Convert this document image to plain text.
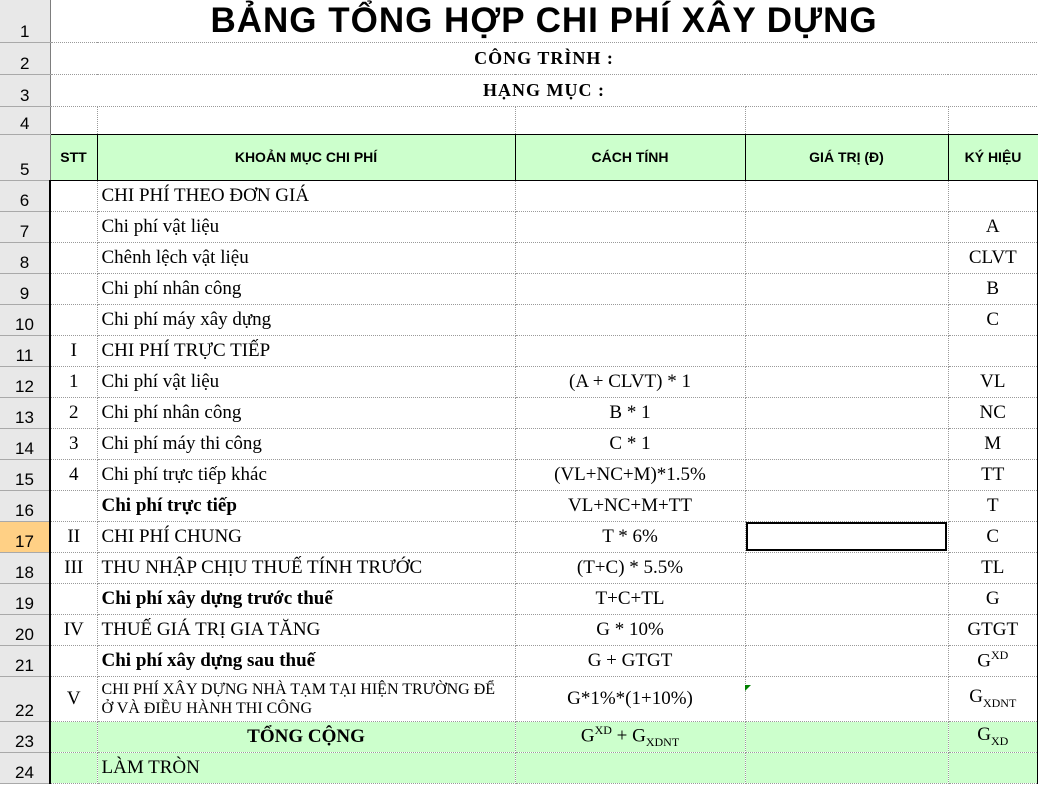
1	BẢNG TỔNG HỢP CHI PHÍ XÂY DỰNG				
2	CÔNG TRÌNH :				
3	HẠNG MỤC :				
4					
5	STT	KHOẢN MỤC CHI PHÍ	CÁCH TÍNH	GIÁ TRỊ (Đ)	KÝ HIỆU
6		CHI PHÍ THEO ĐƠN GIÁ			
7		Chi phí vật liệu			A
8		Chênh lệch vật liệu			CLVT
9		Chi phí nhân công			B
10		Chi phí máy xây dựng			C
11	I	CHI PHÍ TRỰC TIẾP			
12	1	Chi phí vật liệu	(A + CLVT) * 1		VL
13	2	Chi phí nhân công	B * 1		NC
14	3	Chi phí máy thi công	C * 1		M
15	4	Chi phí trực tiếp khác	(VL+NC+M)*1.5%		TT
16		Chi phí trực tiếp	VL+NC+M+TT		T
17	II	CHI PHÍ CHUNG	T * 6%		C
18	III	THU NHẬP CHỊU THUẾ TÍNH TRƯỚC	(T+C) * 5.5%		TL
19		Chi phí xây dựng trước thuế	T+C+TL		G
20	IV	THUẾ GIÁ TRỊ GIA TĂNG	G * 10%		GTGT
21		Chi phí xây dựng sau thuế	G + GTGT		$G^{XD}$
22	V	CHI PHÍ XÂY DỰNG NHÀ TẠM TẠI HIỆN TRƯỜNG ĐỂ Ở VÀ ĐIỀU HÀNH THI CÔNG	G*1%*(1+10%)		$G_{XDNT}$
23		TỔNG CỘNG	$G^{XD} + G_{XDNT}$		$G_{XD}$
24		LÀM TRÒN			
